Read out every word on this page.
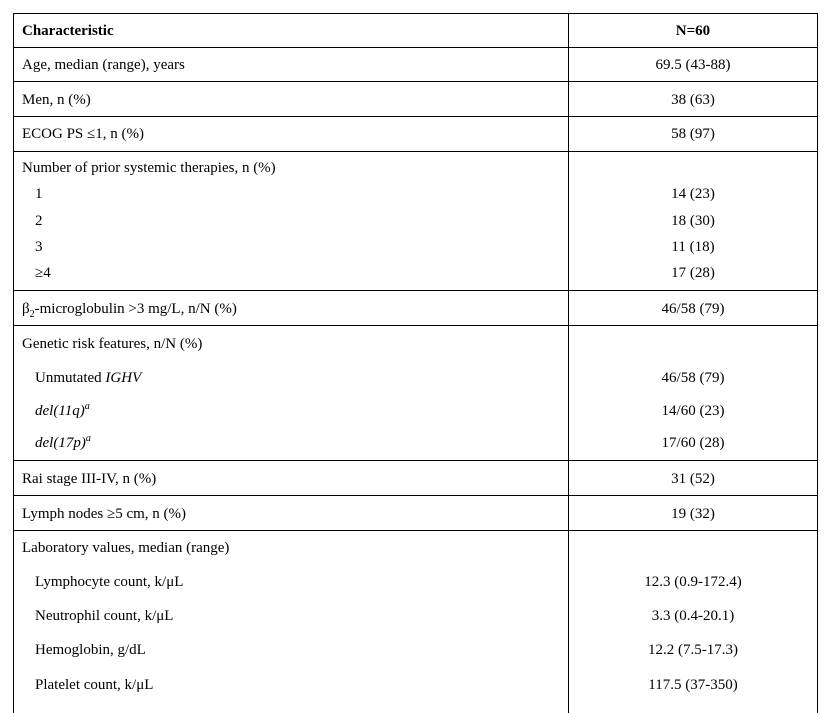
Characteristic	N=60
Age, median (range), years	69.5 (43-88)
Men, n (%)	38 (63)
ECOG PS ≤1, n (%)	58 (97)
Number of prior systemic therapies, n (%)
1	14 (23)
2	18 (30)
3	11 (18)
≥4	17 (28)
$\beta_2$-microglobulin >3 mg/L, n/N (%)	46/58 (79)
Genetic risk features, n/N (%)
Unmutated IGHV	46/58 (79)
$del(11q)^a$	14/60 (23)
$del(17p)^a$	17/60 (28)
Rai stage III-IV, n (%)	31 (52)
Lymph nodes ≥5 cm, n (%)	19 (32)
Laboratory values, median (range)
Lymphocyte count, k/μL	12.3 (0.9-172.4)
Neutrophil count, k/μL	3.3 (0.4-20.1)
Hemoglobin, g/dL	12.2 (7.5-17.3)
Platelet count, k/μL	117.5 (37-350)
